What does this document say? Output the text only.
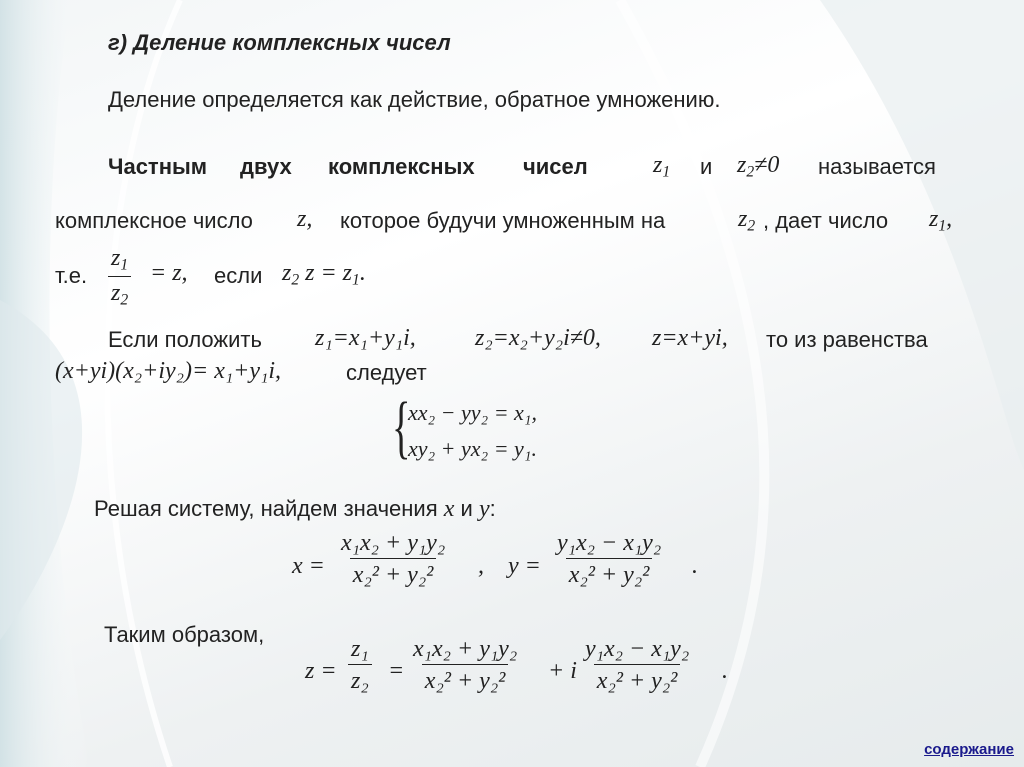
г) Деление комплексных чисел
Деление определяется как действие, обратное умножению.
Частным двух комплексных чисел	$z_1$ и $z_2\ne 0$ называется
комплексное число z, которое будучи умноженным на	$z_2$ , дает число $z_1$,
т.е. $\frac{z_1}{z_2} = z$, если $z_2$ $z = z_1$.
Если положить z₁=x₁+y₁i, z₂=x₂+y₂i≠0, z=x+yi, то из равенства
(x+yi)(x₂+iy₂)= x₁+y₁i,	следует
{
xx₂ − yy₂ = x₁,
xy₂ + yx₂ = y₁.
Решая систему, найдем значения x и y:
$x = \frac{\text{x₁x₂ + y₁y₂}}{\text{x₂² + y₂²}}$ , $y = \frac{\text{y₁x₂ − x₁y₂}}{\text{x₂² + y₂²}}$ .
Таким образом,
$z = \frac{\text{z₁}}{\text{z₂}} = \frac{\text{x₁x₂ + y₁y₂}}{\text{x₂² + y₂²}} + i \frac{\text{y₁x₂ − x₁y₂}}{\text{x₂² + y₂²}}$ .
содержание
